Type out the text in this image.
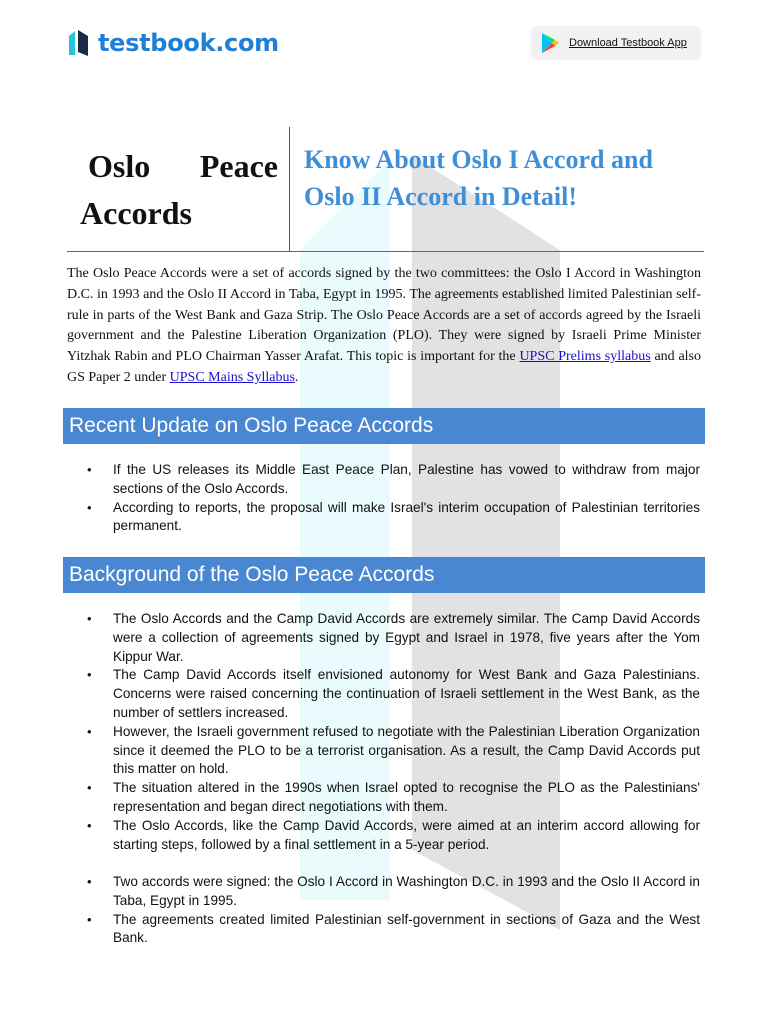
testbook.com	Download Testbook App
Oslo Peace
Accords
Know About Oslo I Accord and
Oslo II Accord in Detail!

The Oslo Peace Accords were a set of accords signed by the two committees: the Oslo I Accord in Washington D.C. in 1993 and the Oslo II Accord in Taba, Egypt in 1995. The agreements established limited Palestinian self-rule in parts of the West Bank and Gaza Strip. The Oslo Peace Accords are a set of accords agreed by the Israeli government and the Palestine Liberation Organization (PLO). They were signed by Israeli Prime Minister Yitzhak Rabin and PLO Chairman Yasser Arafat. This topic is important for the UPSC Prelims syllabus and also GS Paper 2 under UPSC Mains Syllabus.

Recent Update on Oslo Peace Accords
• If the US releases its Middle East Peace Plan, Palestine has vowed to withdraw from major sections of the Oslo Accords.
• According to reports, the proposal will make Israel's interim occupation of Palestinian territories permanent.
Background of the Oslo Peace Accords
• The Oslo Accords and the Camp David Accords are extremely similar. The Camp David Accords were a collection of agreements signed by Egypt and Israel in 1978, five years after the Yom Kippur War.
• The Camp David Accords itself envisioned autonomy for West Bank and Gaza Palestinians. Concerns were raised concerning the continuation of Israeli settlement in the West Bank, as the number of settlers increased.
• However, the Israeli government refused to negotiate with the Palestinian Liberation Organization since it deemed the PLO to be a terrorist organisation. As a result, the Camp David Accords put this matter on hold.
• The situation altered in the 1990s when Israel opted to recognise the PLO as the Palestinians' representation and began direct negotiations with them.
• The Oslo Accords, like the Camp David Accords, were aimed at an interim accord allowing for starting steps, followed by a final settlement in a 5-year period.
• Two accords were signed: the Oslo I Accord in Washington D.C. in 1993 and the Oslo II Accord in Taba, Egypt in 1995.
• The agreements created limited Palestinian self-government in sections of Gaza and the West Bank.
